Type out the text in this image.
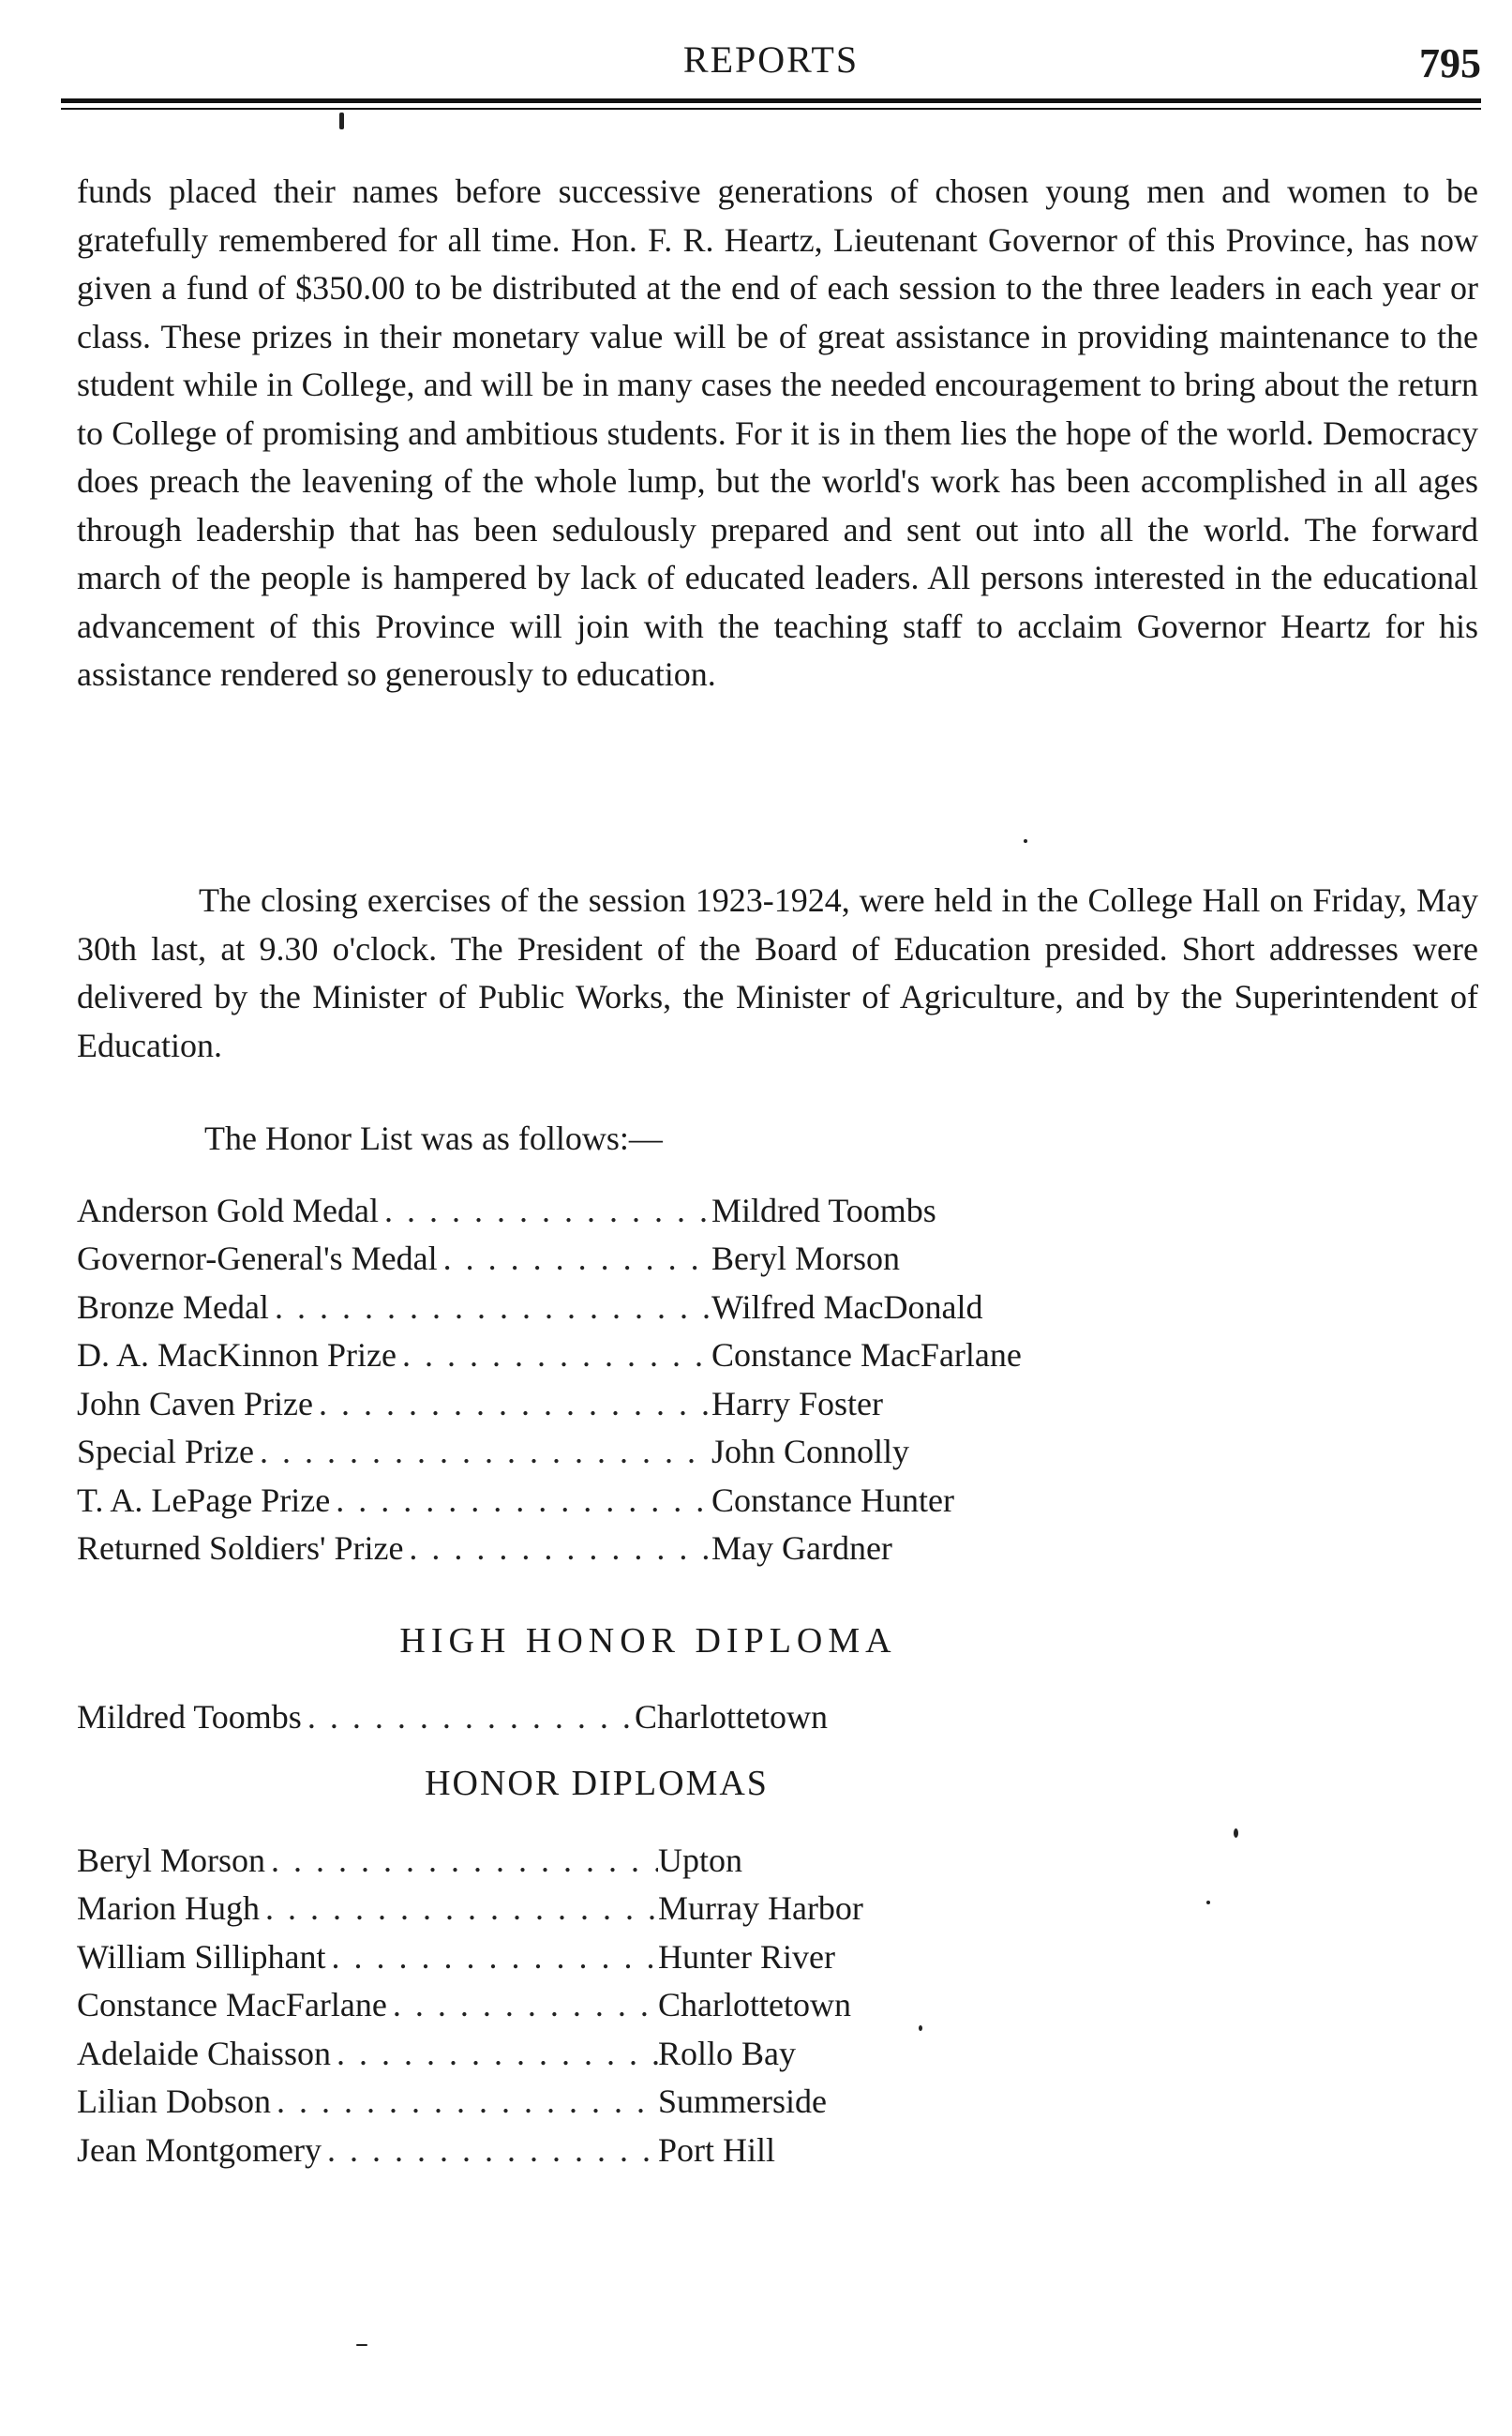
REPORTS	795

funds placed their names before successive generations of chosen young men and women to be gratefully remembered for all time. Hon. F. R. Heartz, Lieutenant Governor of this Province, has now given a fund of $350.00 to be distributed at the end of each session to the three leaders in each year or class. These prizes in their monetary value will be of great assistance in providing maintenance to the student while in College, and will be in many cases the needed encouragement to bring about the return to College of promising and ambitious students. For it is in them lies the hope of the world. Democracy does preach the leavening of the whole lump, but the world's work has been accomplished in all ages through leadership that has been sedulously prepared and sent out into all the world. The forward march of the people is hampered by lack of educated leaders. All persons interested in the educational advancement of this Province will join with the teaching staff to acclaim Governor Heartz for his assistance rendered so generously to education.

The closing exercises of the session 1923-1924, were held in the College Hall on Friday, May 30th last, at 9.30 o'clock. The President of the Board of Education presided. Short addresses were delivered by the Minister of Public Works, the Minister of Agriculture, and by the Superintendent of Education.

The Honor List was as follows:—
Anderson Gold Medal . . .	Mildred Toombs
Governor-General's Medal . . .	Beryl Morson
Bronze Medal . . .	Wilfred MacDonald
D. A. MacKinnon Prize . . .	Constance MacFarlane
John Caven Prize . . .	Harry Foster
Special Prize . . .	John Connolly
T. A. LePage Prize . . .	Constance Hunter
Returned Soldiers' Prize . . .	May Gardner
HIGH HONOR DIPLOMA
Mildred Toombs . . .	Charlottetown
HONOR DIPLOMAS
Beryl Morson . . .	Upton
Marion Hugh . . .	Murray Harbor
William Silliphant . . .	Hunter River
Constance MacFarlane . . .	Charlottetown
Adelaide Chaisson . . .	Rollo Bay
Lilian Dobson . . .	Summerside
Jean Montgomery . . .	Port Hill
